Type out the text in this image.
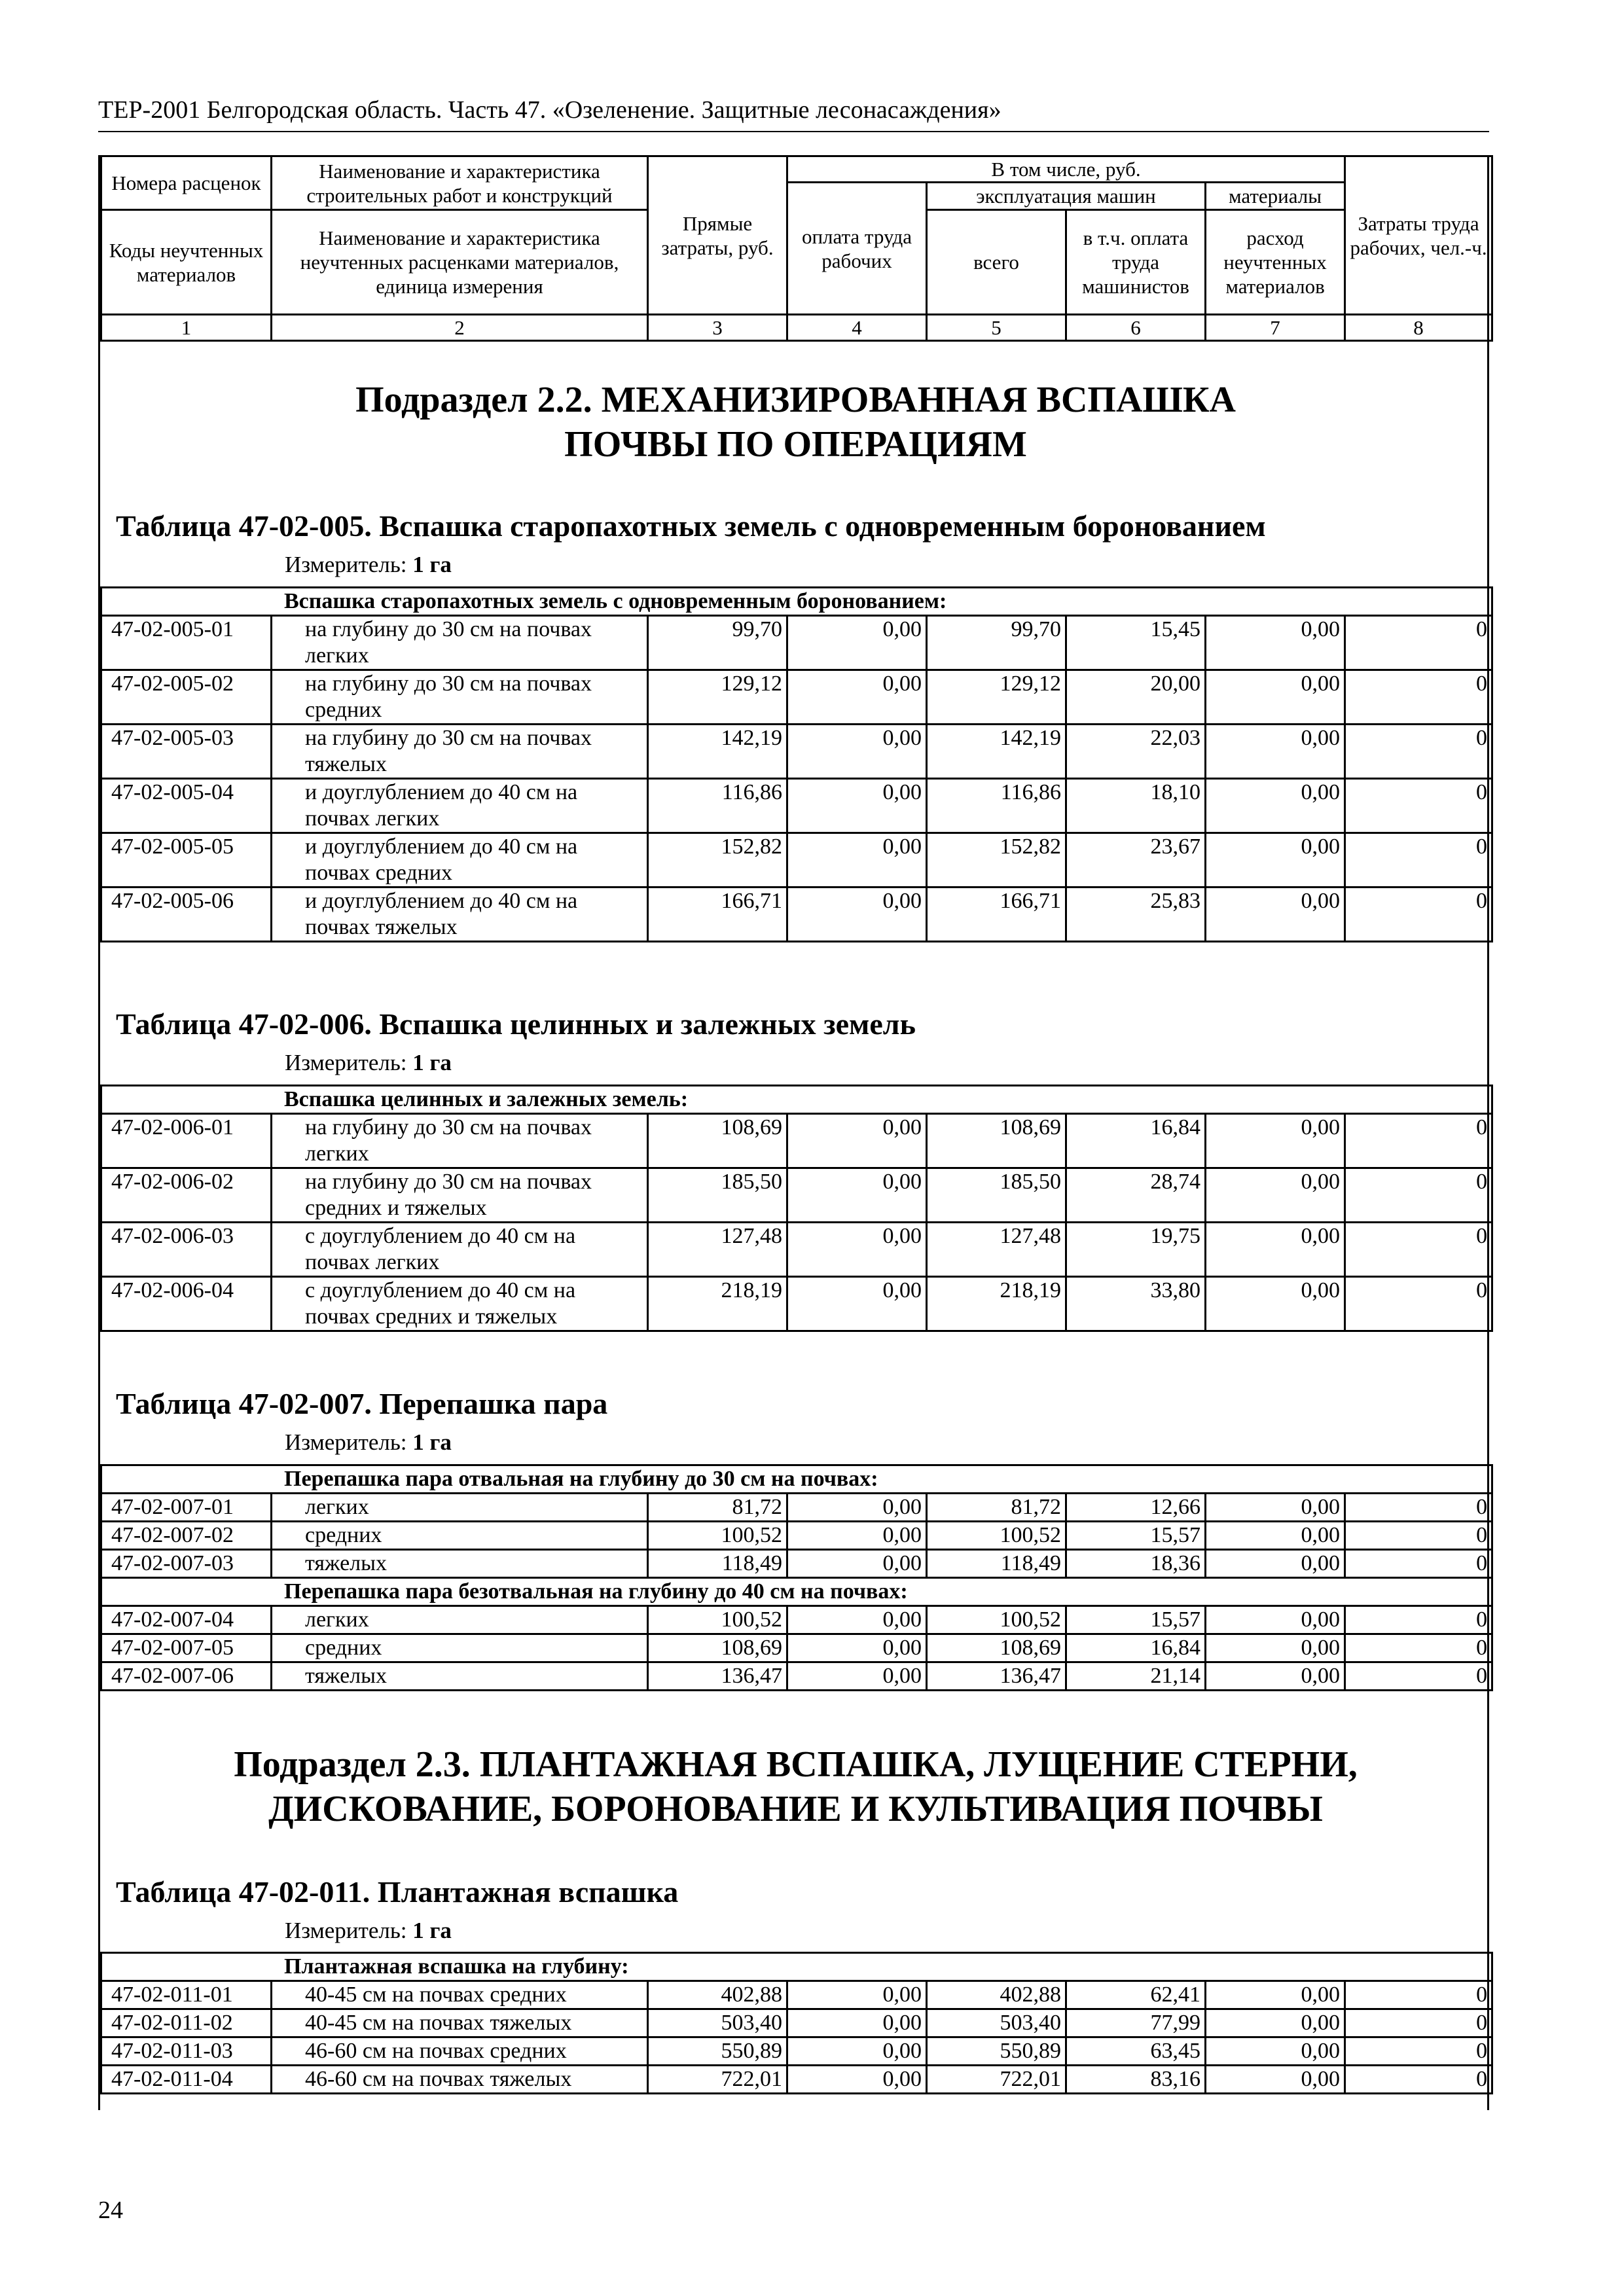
ТЕР-2001 Белгородская область. Часть 47. «Озеленение. Защитные лесонасаждения»
Номера расценок	Наименование и характеристика строительных работ и конструкций	Прямые затраты, руб.	В том числе, руб.				Затраты труда рабочих, чел.-ч.
			оплата труда рабочих	эксплуатация машин		материалы	
Коды неучтенных материалов	Наименование и характеристика неучтенных расценками материалов, единица измерения			всего	в т.ч. оплата труда машинистов	расход неучтенных материалов	

1	2	3	4	5	6	7	8
Подраздел 2.2. МЕХАНИЗИРОВАННАЯ ВСПАШКА ПОЧВЫ ПО ОПЕРАЦИЯМ
Таблица 47-02-005. Вспашка старопахотных земель с одновременным боронованием
Измеритель: 1 га
Вспашка старопахотных земель с одновременным боронованием:							
47-02-005-01	на глубину до 30 см на почвах легких	99,70	0,00	99,70	15,45	0,00	0
47-02-005-02	на глубину до 30 см на почвах средних	129,12	0,00	129,12	20,00	0,00	0
47-02-005-03	на глубину до 30 см на почвах тяжелых	142,19	0,00	142,19	22,03	0,00	0
47-02-005-04	и доуглублением до 40 см на почвах легких	116,86	0,00	116,86	18,10	0,00	0
47-02-005-05	и доуглублением до 40 см на почвах средних	152,82	0,00	152,82	23,67	0,00	0
47-02-005-06	и доуглублением до 40 см на почвах тяжелых	166,71	0,00	166,71	25,83	0,00	0
Таблица 47-02-006. Вспашка целинных и залежных земель
Измеритель: 1 га
Вспашка целинных и залежных земель:							
47-02-006-01	на глубину до 30 см на почвах легких	108,69	0,00	108,69	16,84	0,00	0
47-02-006-02	на глубину до 30 см на почвах средних и тяжелых	185,50	0,00	185,50	28,74	0,00	0
47-02-006-03	с доуглублением до 40 см на почвах легких	127,48	0,00	127,48	19,75	0,00	0
47-02-006-04	с доуглублением до 40 см на почвах средних и тяжелых	218,19	0,00	218,19	33,80	0,00	0
Таблица 47-02-007. Перепашка пара
Измеритель: 1 га
Перепашка пара отвальная на глубину до 30 см на почвах:							
47-02-007-01	легких	81,72	0,00	81,72	12,66	0,00	0
47-02-007-02	средних	100,52	0,00	100,52	15,57	0,00	0
47-02-007-03	тяжелых	118,49	0,00	118,49	18,36	0,00	0
Перепашка пара безотвальная на глубину до 40 см на почвах:							
47-02-007-04	легких	100,52	0,00	100,52	15,57	0,00	0
47-02-007-05	средних	108,69	0,00	108,69	16,84	0,00	0
47-02-007-06	тяжелых	136,47	0,00	136,47	21,14	0,00	0
Подраздел 2.3. ПЛАНТАЖНАЯ ВСПАШКА, ЛУЩЕНИЕ СТЕРНИ, ДИСКОВАНИЕ, БОРОНОВАНИЕ И КУЛЬТИВАЦИЯ ПОЧВЫ
Таблица 47-02-011. Плантажная вспашка
Измеритель: 1 га
Плантажная вспашка на глубину:							
47-02-011-01	40-45 см на почвах средних	402,88	0,00	402,88	62,41	0,00	0
47-02-011-02	40-45 см на почвах тяжелых	503,40	0,00	503,40	77,99	0,00	0
47-02-011-03	46-60 см на почвах средних	550,89	0,00	550,89	63,45	0,00	0
47-02-011-04	46-60 см на почвах тяжелых	722,01	0,00	722,01	83,16	0,00	0
24
